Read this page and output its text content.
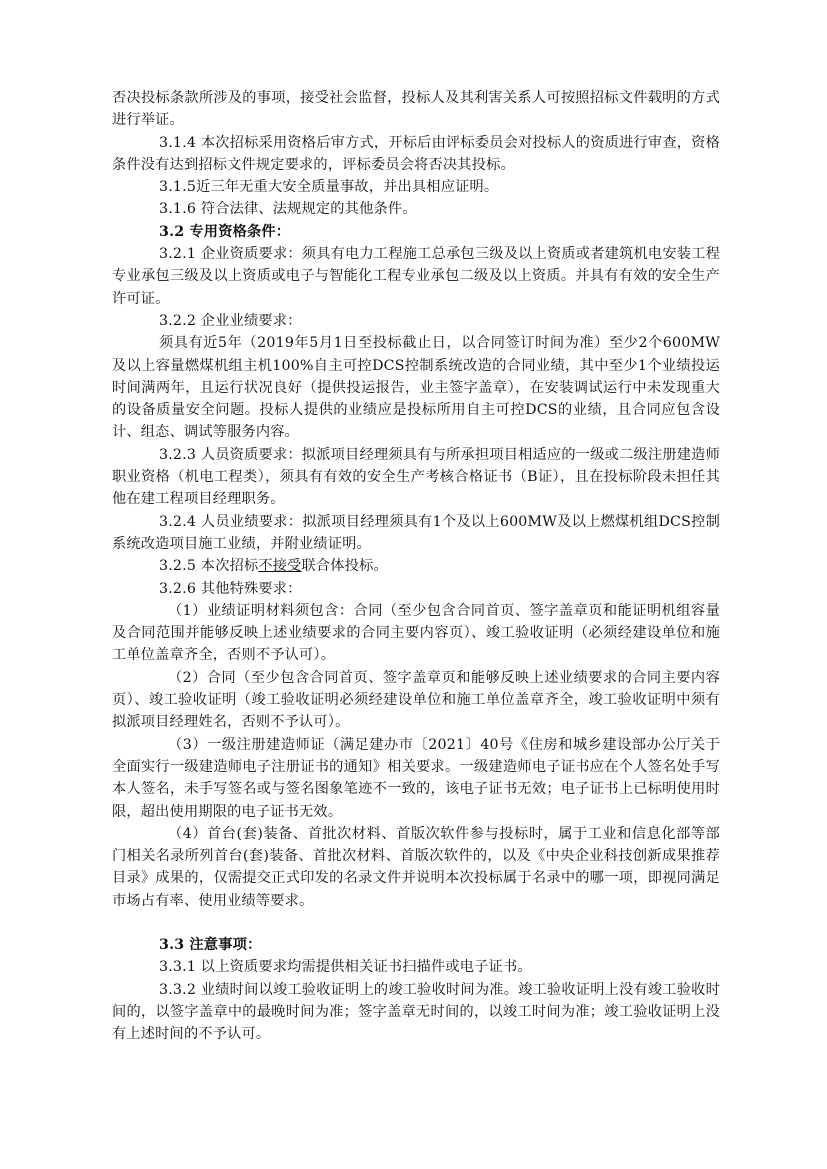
否决投标条款所涉及的事项，接受社会监督，投标人及其利害关系人可按照招标文件载明的方式进行举证。

3.1.4 本次招标采用资格后审方式，开标后由评标委员会对投标人的资质进行审查，资格条件没有达到招标文件规定要求的，评标委员会将否决其投标。

3.1.5近三年无重大安全质量事故，并出具相应证明。

3.1.6 符合法律、法规规定的其他条件。

3.2 专用资格条件：

3.2.1 企业资质要求：须具有电力工程施工总承包三级及以上资质或者建筑机电安装工程专业承包三级及以上资质或电子与智能化工程专业承包二级及以上资质。并具有有效的安全生产许可证。

3.2.2 企业业绩要求：

须具有近5年（2019年5月1日至投标截止日，以合同签订时间为准）至少2个600MW及以上容量燃煤机组主机100%自主可控DCS控制系统改造的合同业绩，其中至少1个业绩投运时间满两年，且运行状况良好（提供投运报告，业主签字盖章），在安装调试运行中未发现重大的设备质量安全问题。投标人提供的业绩应是投标所用自主可控DCS的业绩，且合同应包含设计、组态、调试等服务内容。

3.2.3 人员资质要求：拟派项目经理须具有与所承担项目相适应的一级或二级注册建造师职业资格（机电工程类），须具有有效的安全生产考核合格证书（B证），且在投标阶段未担任其他在建工程项目经理职务。

3.2.4 人员业绩要求：拟派项目经理须具有1个及以上600MW及以上燃煤机组DCS控制系统改造项目施工业绩，并附业绩证明。

3.2.5 本次招标不接受联合体投标。

3.2.6 其他特殊要求：

（1）业绩证明材料须包含：合同（至少包含合同首页、签字盖章页和能证明机组容量及合同范围并能够反映上述业绩要求的合同主要内容页）、竣工验收证明（必须经建设单位和施工单位盖章齐全，否则不予认可）。

（2）合同（至少包含合同首页、签字盖章页和能够反映上述业绩要求的合同主要内容页）、竣工验收证明（竣工验收证明必须经建设单位和施工单位盖章齐全，竣工验收证明中须有拟派项目经理姓名，否则不予认可）。

（3）一级注册建造师证（满足建办市〔2021〕40号《住房和城乡建设部办公厅关于全面实行一级建造师电子注册证书的通知》相关要求。一级建造师电子证书应在个人签名处手写本人签名，未手写签名或与签名图象笔迹不一致的，该电子证书无效；电子证书上已标明使用时限，超出使用期限的电子证书无效。

（4）首台(套)装备、首批次材料、首版次软件参与投标时，属于工业和信息化部等部门相关名录所列首台(套)装备、首批次材料、首版次软件的，以及《中央企业科技创新成果推荐目录》成果的，仅需提交正式印发的名录文件并说明本次投标属于名录中的哪一项，即视同满足市场占有率、使用业绩等要求。

3.3 注意事项：

3.3.1 以上资质要求均需提供相关证书扫描件或电子证书。

3.3.2 业绩时间以竣工验收证明上的竣工验收时间为准。竣工验收证明上没有竣工验收时间的，以签字盖章中的最晚时间为准；签字盖章无时间的，以竣工时间为准；竣工验收证明上没有上述时间的不予认可。
